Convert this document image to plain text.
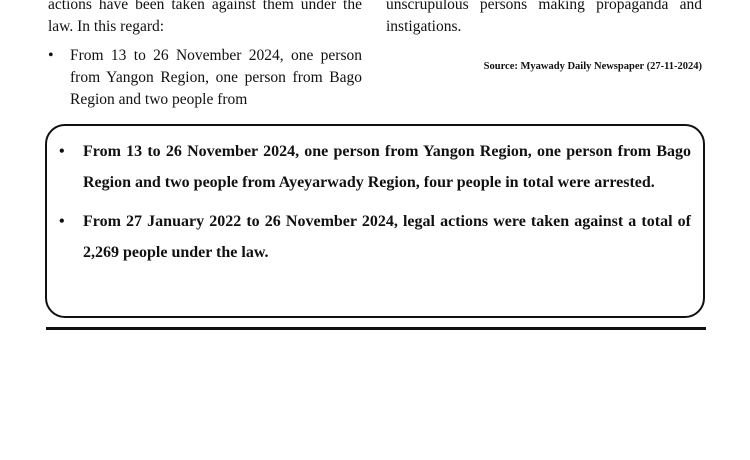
actions have been taken against them under the law. In this regard:

• From 13 to 26 November 2024, one person from Yangon Region, one person from Bago Region and two people from

unscrupulous persons making propaganda and instigations.

Source: Myawady Daily Newspaper (27-11-2024)
• From 13 to 26 November 2024, one person from Yangon Region, one person from Bago Region and two people from Ayeyarwady Region, four people in total were arrested.
• From 27 January 2022 to 26 November 2024, legal actions were taken against a total of 2,269 people under the law.
